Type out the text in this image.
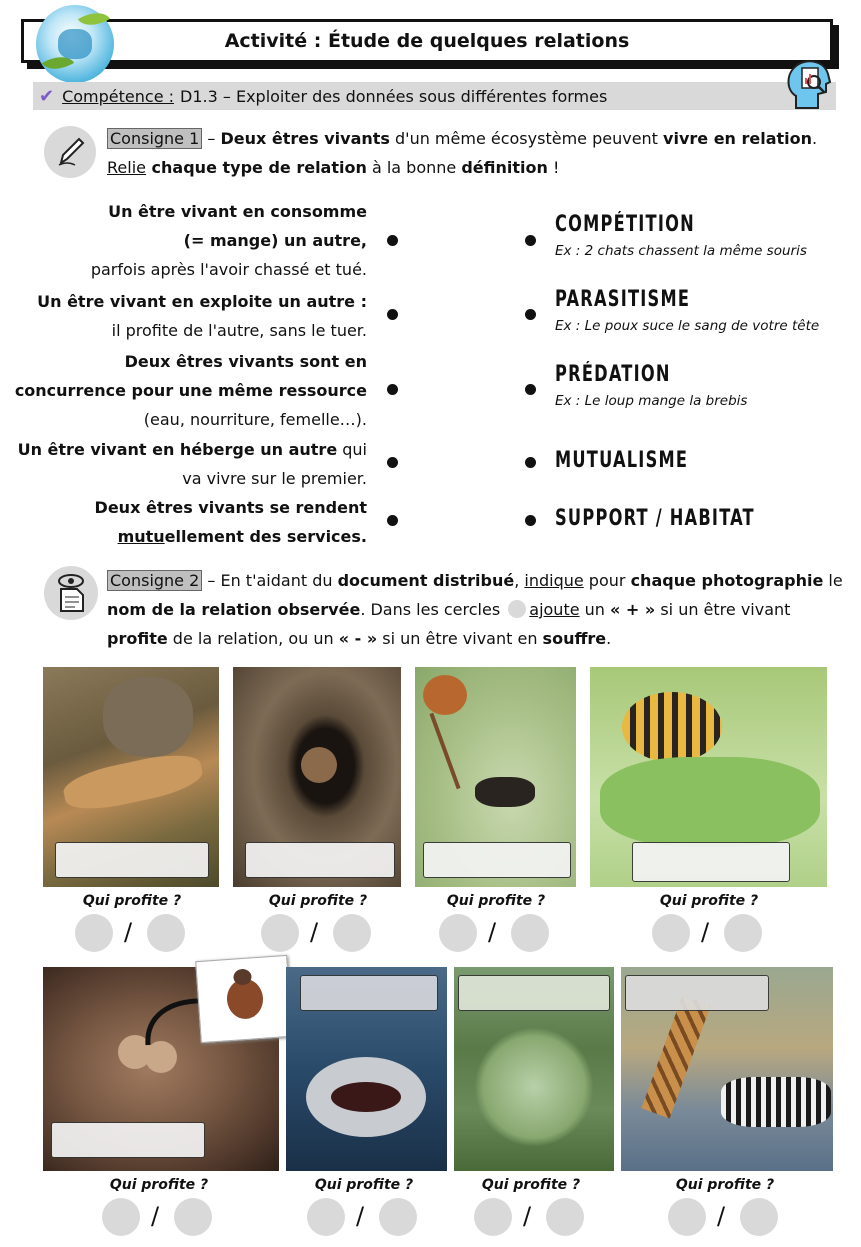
Activité : Étude de quelques relations
✔ Compétence : D1.3 – Exploiter des données sous différentes formes
Consigne 1 – Deux êtres vivants d'un même écosystème peuvent vivre en relation.
Relie chaque type de relation à la bonne définition !
Un être vivant en consomme
(= mange) un autre,
parfois après l'avoir chassé et tué.
Un être vivant en exploite un autre :
il profite de l'autre, sans le tuer.
Deux êtres vivants sont en
concurrence pour une même ressource
(eau, nourriture, femelle…).
Un être vivant en héberge un autre qui
va vivre sur le premier.
Deux êtres vivants se rendent
mutuellement des services.
COMPÉTITION
Ex : 2 chats chassent la même souris
PARASITISME
Ex : Le poux suce le sang de votre tête
PRÉDATION
Ex : Le loup mange la brebis
MUTUALISME
SUPPORT / HABITAT
Consigne 2 – En t'aidant du document distribué, indique pour chaque photographie le
nom de la relation observée. Dans les cercles ajoute un « + » si un être vivant
profite de la relation, ou un « - » si un être vivant en souffre.
Qui profite ?	Qui profite ?	Qui profite ?	Qui profite ?
/	/	/	/
Qui profite ?	Qui profite ?	Qui profite ?	Qui profite ?
/	/	/	/
